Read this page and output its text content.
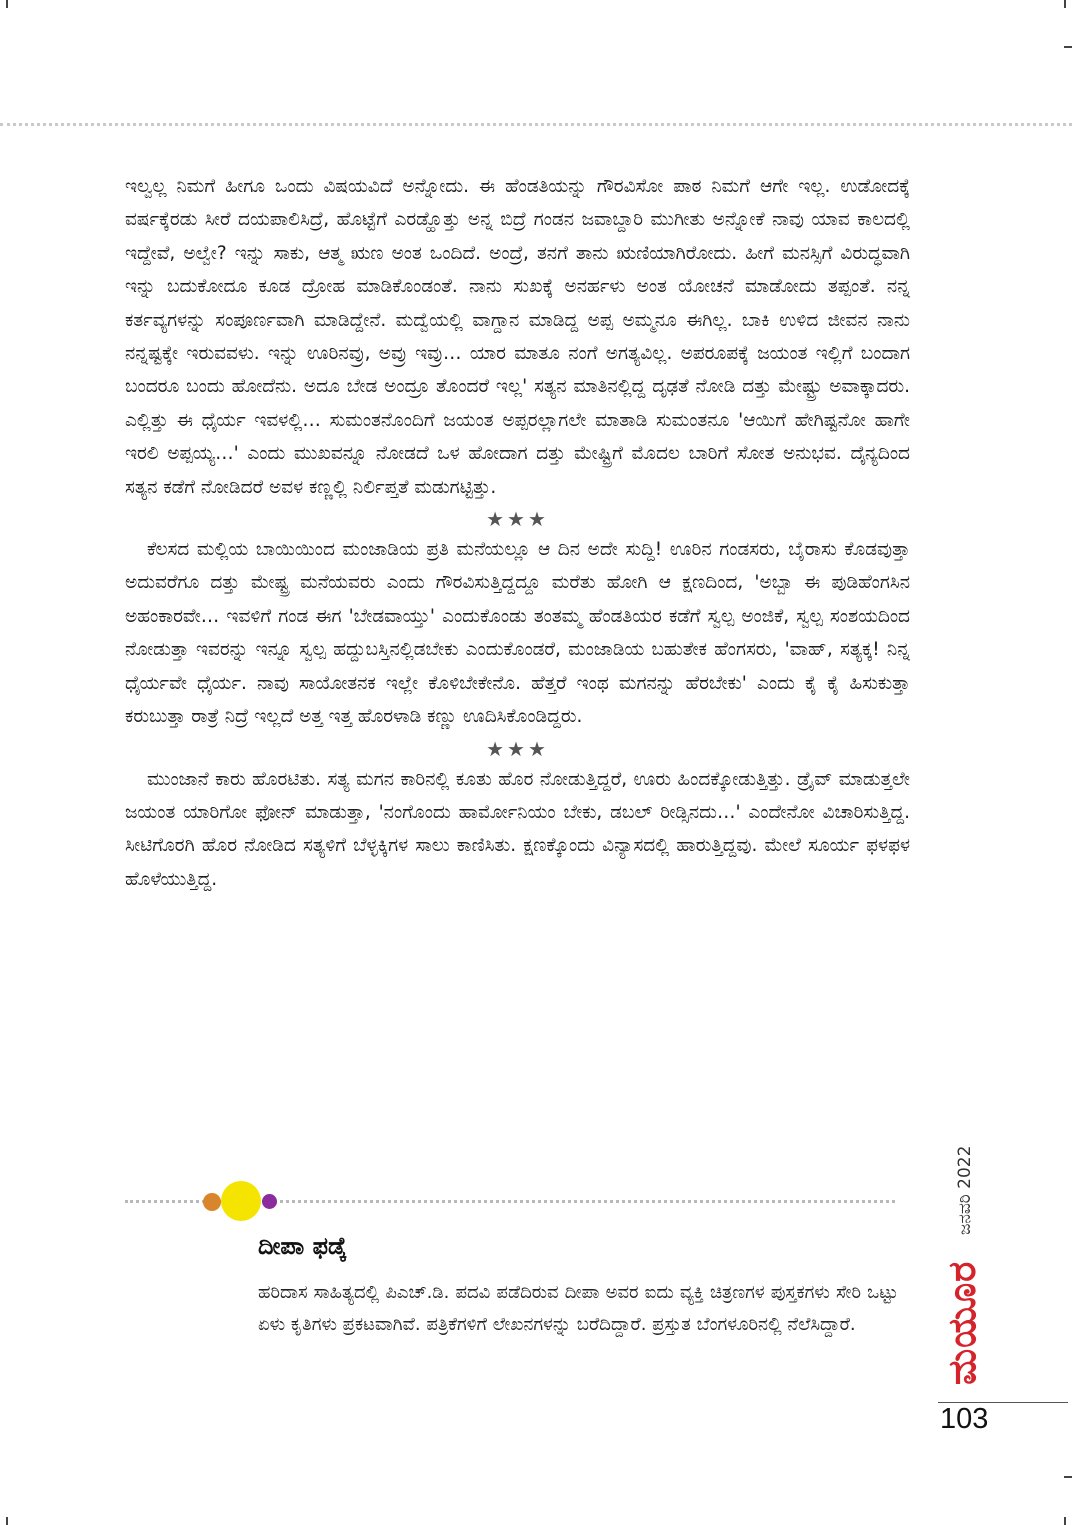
ಇಲ್ವಲ್ಲ ನಿಮಗೆ ಹೀಗೂ ಒಂದು ವಿಷಯವಿದೆ ಅನ್ನೋದು. ಈ ಹೆಂಡತಿಯನ್ನು ಗೌರವಿಸೋ ಪಾಠ ನಿಮಗೆ ಆಗೇ ಇಲ್ಲ. ಉಡೋದಕ್ಕೆ ವರ್ಷಕ್ಕೆರಡು ಸೀರೆ ದಯಪಾಲಿಸಿದ್ರೆ, ಹೊಟ್ಟೆಗೆ ಎರಡ್ಹೊತ್ತು ಅನ್ನ ಬಿದ್ರೆ ಗಂಡನ ಜವಾಬ್ದಾರಿ ಮುಗೀತು ಅನ್ನೋಕೆ ನಾವು ಯಾವ ಕಾಲದಲ್ಲಿ ಇದ್ದೇವೆ, ಅಲ್ವೇ? ಇನ್ನು ಸಾಕು, ಆತ್ಮ ಋಣ ಅಂತ ಒಂದಿದೆ. ಅಂದ್ರೆ, ತನಗೆ ತಾನು ಋಣಿಯಾಗಿರೋದು. ಹೀಗೆ ಮನಸ್ಸಿಗೆ ವಿರುದ್ಧವಾಗಿ ಇನ್ನು ಬದುಕೋದೂ ಕೂಡ ದ್ರೋಹ ಮಾಡಿಕೊಂಡಂತೆ. ನಾನು ಸುಖಕ್ಕೆ ಅನರ್ಹಳು ಅಂತ ಯೋಚನೆ ಮಾಡೋದು ತಪ್ಪಂತೆ. ನನ್ನ ಕರ್ತವ್ಯಗಳನ್ನು ಸಂಪೂರ್ಣವಾಗಿ ಮಾಡಿದ್ದೇನೆ. ಮದ್ವೆಯಲ್ಲಿ ವಾಗ್ದಾನ ಮಾಡಿದ್ದ ಅಪ್ಪ ಅಮ್ಮನೂ ಈಗಿಲ್ಲ. ಬಾಕಿ ಉಳಿದ ಜೀವನ ನಾನು ನನ್ನಷ್ಟಕ್ಕೇ ಇರುವವಳು. ಇನ್ನು ಊರಿನವ್ರು, ಅವ್ರು ಇವ್ರು… ಯಾರ ಮಾತೂ ನಂಗೆ ಅಗತ್ಯವಿಲ್ಲ. ಅಪರೂಪಕ್ಕೆ ಜಯಂತ ಇಲ್ಲಿಗೆ ಬಂದಾಗ ಬಂದರೂ ಬಂದು ಹೋದೆನು. ಅದೂ ಬೇಡ ಅಂದ್ರೂ ತೊಂದರೆ ಇಲ್ಲ' ಸತ್ಯನ ಮಾತಿನಲ್ಲಿದ್ದ ದೃಢತೆ ನೋಡಿ ದತ್ತು ಮೇಷ್ಟ್ರು ಅವಾಕ್ಕಾದರು. ಎಲ್ಲಿತ್ತು ಈ ಧೈರ್ಯ ಇವಳಲ್ಲಿ… ಸುಮಂತನೊಂದಿಗೆ ಜಯಂತ ಅಪ್ಪರಲ್ಲಾಗಲೇ ಮಾತಾಡಿ ಸುಮಂತನೂ 'ಆಯಿಗೆ ಹೇಗಿಷ್ಟನೋ ಹಾಗೇ ಇರಲಿ ಅಪ್ಪಯ್ಯ…' ಎಂದು ಮುಖವನ್ನೂ ನೋಡದೆ ಒಳ ಹೋದಾಗ ದತ್ತು ಮೇಷ್ಟ್ರಿಗೆ ಮೊದಲ ಬಾರಿಗೆ ಸೋತ ಅನುಭವ. ದೈನ್ಯದಿಂದ ಸತ್ಯನ ಕಡೆಗೆ ನೋಡಿದರೆ ಅವಳ ಕಣ್ಣಲ್ಲಿ ನಿರ್ಲಿಪ್ತತೆ ಮಡುಗಟ್ಟಿತ್ತು.

★★★

ಕೆಲಸದ ಮಲ್ಲಿಯ ಬಾಯಿಯಿಂದ ಮಂಜಾಡಿಯ ಪ್ರತಿ ಮನೆಯಲ್ಲೂ ಆ ದಿನ ಅದೇ ಸುದ್ದಿ! ಊರಿನ ಗಂಡಸರು, ಬೈರಾಸು ಕೊಡವುತ್ತಾ ಅದುವರೆಗೂ ದತ್ತು ಮೇಷ್ಟ್ರ ಮನೆಯವರು ಎಂದು ಗೌರವಿಸುತ್ತಿದ್ದದ್ದೂ ಮರೆತು ಹೋಗಿ ಆ ಕ್ಷಣದಿಂದ, 'ಅಬ್ಬಾ ಈ ಪುಡಿಹೆಂಗಸಿನ ಅಹಂಕಾರವೇ… ಇವಳಿಗೆ ಗಂಡ ಈಗ 'ಬೇಡವಾಯ್ತು' ಎಂದುಕೊಂಡು ತಂತಮ್ಮ ಹೆಂಡತಿಯರ ಕಡೆಗೆ ಸ್ವಲ್ಪ ಅಂಜಿಕೆ, ಸ್ವಲ್ಪ ಸಂಶಯದಿಂದ ನೋಡುತ್ತಾ ಇವರನ್ನು ಇನ್ನೂ ಸ್ವಲ್ಪ ಹದ್ದುಬಸ್ತಿನಲ್ಲಿಡಬೇಕು ಎಂದುಕೊಂಡರೆ, ಮಂಜಾಡಿಯ ಬಹುತೇಕ ಹೆಂಗಸರು, 'ವಾಹ್, ಸತ್ಯಕ್ಕ! ನಿನ್ನ ಧೈರ್ಯವೇ ಧೈರ್ಯ. ನಾವು ಸಾಯೋತನಕ ಇಲ್ಲೇ ಕೊಳಿಬೇಕೇನೊ. ಹೆತ್ತರೆ ಇಂಥ ಮಗನನ್ನು ಹೆರಬೇಕು' ಎಂದು ಕೈ ಕೈ ಹಿಸುಕುತ್ತಾ ಕರುಬುತ್ತಾ ರಾತ್ರೆ ನಿದ್ರೆ ಇಲ್ಲದೆ ಅತ್ತ ಇತ್ತ ಹೊರಳಾಡಿ ಕಣ್ಣು ಊದಿಸಿಕೊಂಡಿದ್ದರು.

★★★

ಮುಂಜಾನೆ ಕಾರು ಹೊರಟಿತು. ಸತ್ಯ ಮಗನ ಕಾರಿನಲ್ಲಿ ಕೂತು ಹೊರ ನೋಡುತ್ತಿದ್ದರೆ, ಊರು ಹಿಂದಕ್ಕೋಡುತ್ತಿತ್ತು. ಡ್ರೈವ್ ಮಾಡುತ್ತಲೇ ಜಯಂತ ಯಾರಿಗೋ ಫೋನ್ ಮಾಡುತ್ತಾ, 'ನಂಗೊಂದು ಹಾರ್ಮೋನಿಯಂ ಬೇಕು, ಡಬಲ್ ರೀಡ್ಸಿನದು…' ಎಂದೇನೋ ವಿಚಾರಿಸುತ್ತಿದ್ದ. ಸೀಟಿಗೊರಗಿ ಹೊರ ನೋಡಿದ ಸತ್ಯಳಿಗೆ ಬೆಳ್ಳಕ್ಕಿಗಳ ಸಾಲು ಕಾಣಿಸಿತು. ಕ್ಷಣಕ್ಕೊಂದು ವಿನ್ಯಾಸದಲ್ಲಿ ಹಾರುತ್ತಿದ್ದವು. ಮೇಲೆ ಸೂರ್ಯ ಫಳಫಳ ಹೊಳೆಯುತ್ತಿದ್ದ.

ದೀಪಾ ಫಡ್ಕೆ

ಹರಿದಾಸ ಸಾಹಿತ್ಯದಲ್ಲಿ ಪಿಎಚ್.ಡಿ. ಪದವಿ ಪಡೆದಿರುವ ದೀಪಾ ಅವರ ಐದು ವ್ಯಕ್ತಿ ಚಿತ್ರಣಗಳ ಪುಸ್ತಕಗಳು ಸೇರಿ ಒಟ್ಟು ಏಳು ಕೃತಿಗಳು ಪ್ರಕಟವಾಗಿವೆ. ಪತ್ರಿಕೆಗಳಿಗೆ ಲೇಖನಗಳನ್ನು ಬರೆದಿದ್ದಾರೆ. ಪ್ರಸ್ತುತ ಬೆಂಗಳೂರಿನಲ್ಲಿ ನೆಲೆಸಿದ್ದಾರೆ.

ಜನವರಿ 2022
ಮಯೂರ
103
